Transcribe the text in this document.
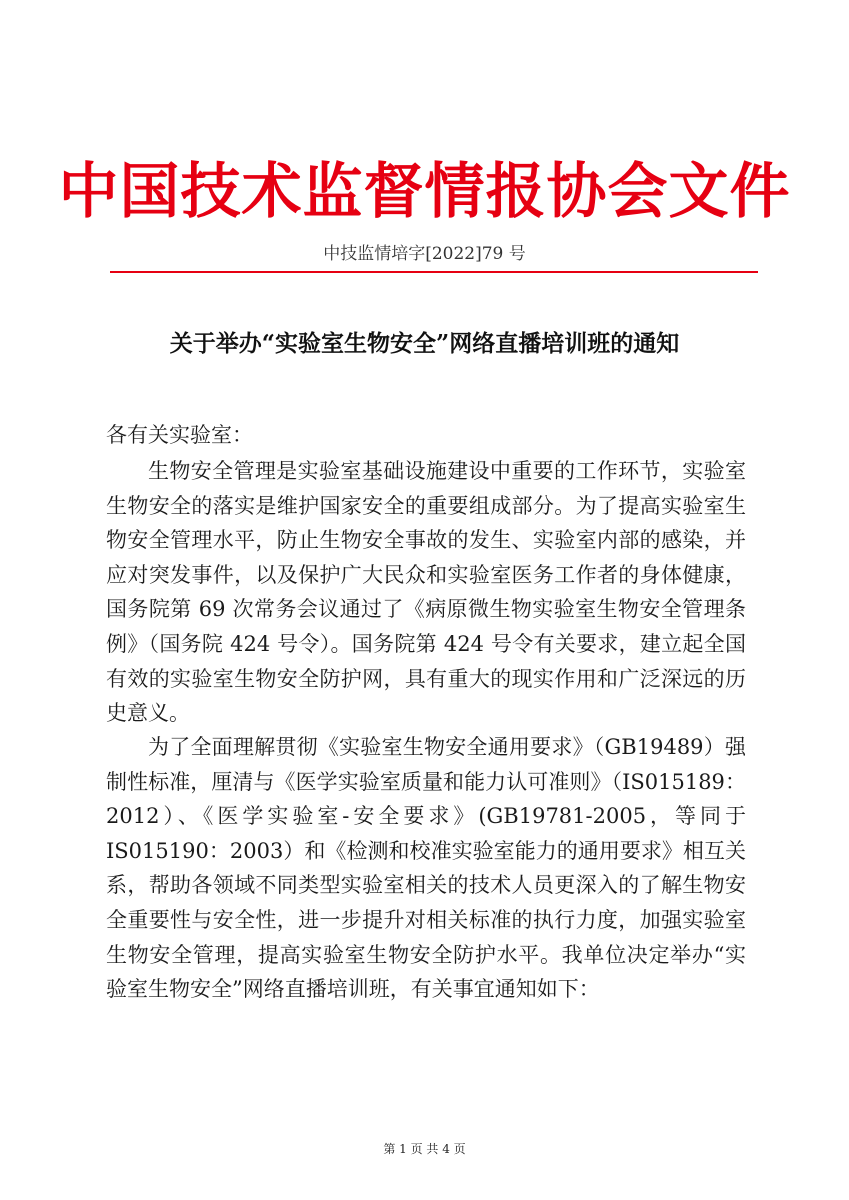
中国技术监督情报协会文件
中技监情培字[2022]79 号
关于举办“实验室生物安全”网络直播培训班的通知
各有关实验室：

生物安全管理是实验室基础设施建设中重要的工作环节，实验室生物安全的落实是维护国家安全的重要组成部分。为了提高实验室生物安全管理水平，防止生物安全事故的发生、实验室内部的感染，并应对突发事件，以及保护广大民众和实验室医务工作者的身体健康，国务院第 69 次常务会议通过了《病原微生物实验室生物安全管理条例》（国务院 424 号令）。国务院第 424 号令有关要求，建立起全国有效的实验室生物安全防护网，具有重大的现实作用和广泛深远的历史意义。

为了全面理解贯彻《实验室生物安全通用要求》（GB19489）强制性标准，厘清与《医学实验室质量和能力认可准则》（IS015189：2012）、《医学实验室-安全要求》(GB19781-2005，等同于 IS015190：2003）和《检测和校准实验室能力的通用要求》相互关系，帮助各领域不同类型实验室相关的技术人员更深入的了解生物安全重要性与安全性，进一步提升对相关标准的执行力度，加强实验室生物安全管理，提高实验室生物安全防护水平。我单位决定举办“实验室生物安全”网络直播培训班，有关事宜通知如下：

第 1 页 共 4 页
